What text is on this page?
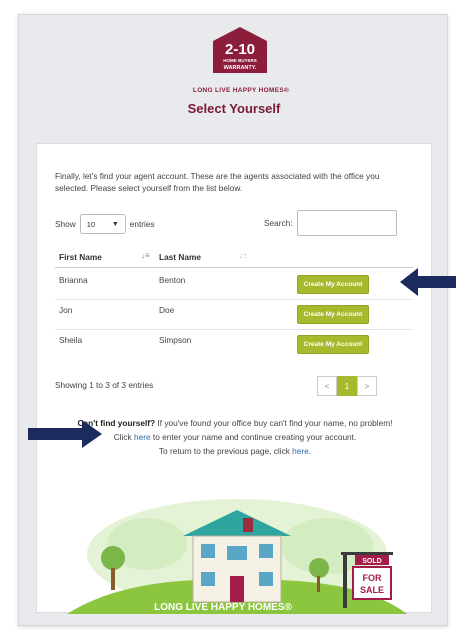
2-10
HOME BUYERS
WARRANTY.
LONG LIVE HAPPY HOMES®
Select Yourself
Finally, let's find your agent account. These are the agents associated with the office you selected. Please select yourself from the list below.
Show 10 ▼ entries	Search:
First Name	↓≡ Last Name	↓↑
Brianna	Benton	Create My Account
Jon	Doe	Create My Account
Sheila	Simpson	Create My Account
Showing 1 to 3 of 3 entries	<	1	>
Can't find yourself? If you've found your office buy can't find your name, no problem!
Click here to enter your name and continue creating your account.
To return to the previous page, click here.
SOLD
FOR
SALE
LONG LIVE HAPPY HOMES®
